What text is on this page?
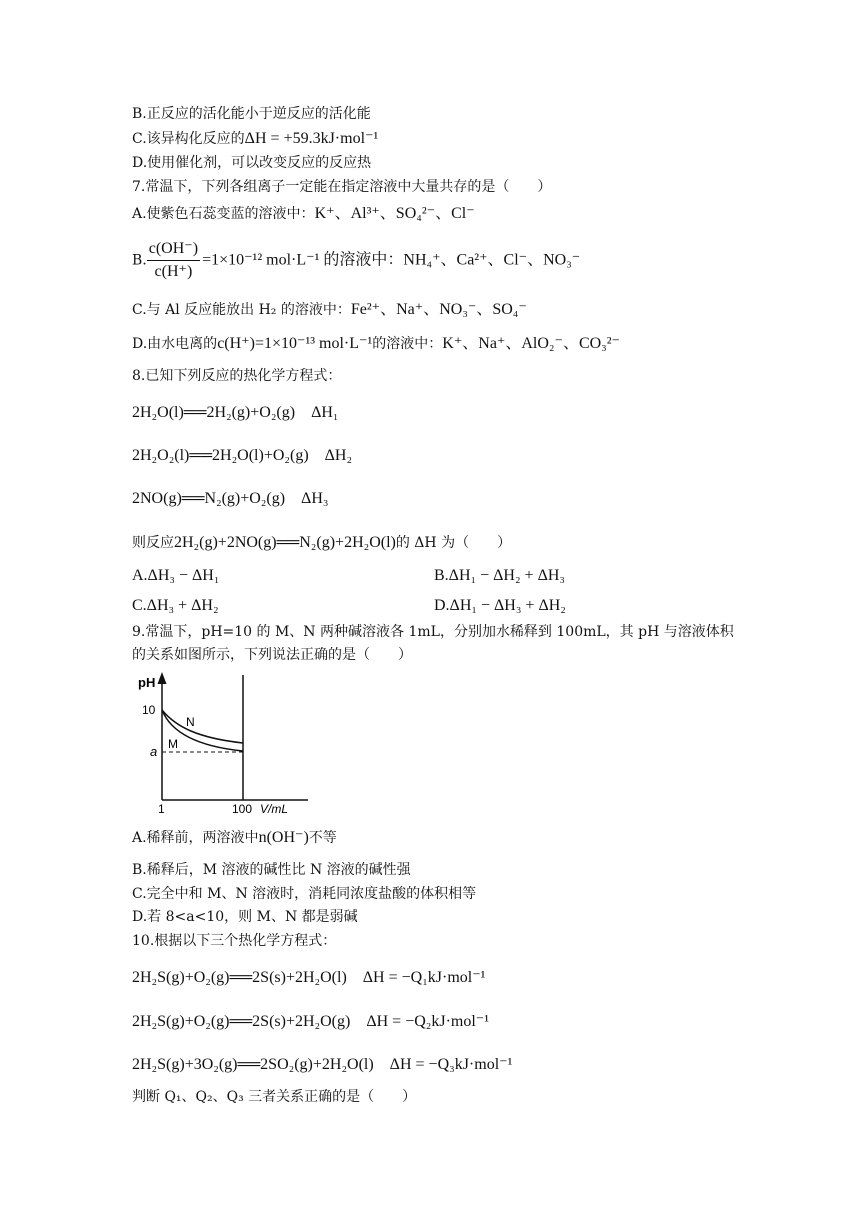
B.正反应的活化能小于逆反应的活化能
C.该异构化反应的ΔH = +59.3kJ·mol⁻¹
D.使用催化剂，可以改变反应的反应热
7.常温下，下列各组离子一定能在指定溶液中大量共存的是（　　）
A.使紫色石蕊变蓝的溶液中：K⁺、Al³⁺、SO₄²⁻、Cl⁻
B. $\frac{c(OH^-)}{c(H^+)} =1\times 10^{-12}$ mol·L⁻¹ 的溶液中：NH₄⁺、Ca²⁺、Cl⁻、NO₃⁻
C.与 Al 反应能放出 H₂ 的溶液中：Fe²⁺、Na⁺、NO₃⁻、SO₄⁻
D.由水电离的c(H⁺)=1×10⁻¹³ mol·L⁻¹的溶液中：K⁺、Na⁺、AlO₂⁻、CO₃²⁻
8.已知下列反应的热化学方程式：
2H₂O(l)══2H₂(g)+O₂(g)　ΔH₁
2H₂O₂(l)══2H₂O(l)+O₂(g)　ΔH₂
2NO(g)══N₂(g)+O₂(g)　ΔH₃
则反应2H₂(g)+2NO(g)══N₂(g)+2H₂O(l)的 ΔH 为（　　）
A.ΔH₃ − ΔH₁	B.ΔH₁ − ΔH₂ + ΔH₃
C.ΔH₃ + ΔH₂	D.ΔH₁ − ΔH₃ + ΔH₂
9.常温下，pH=10 的 M、N 两种碱溶液各 1mL，分别加水稀释到 100mL，其 pH 与溶液体积
的关系如图所示，下列说法正确的是（　　）
pH
10
a
N
M
1	100 V/mL
A.稀释前，两溶液中n(OH⁻)不等
B.稀释后，M 溶液的碱性比 N 溶液的碱性强
C.完全中和 M、N 溶液时，消耗同浓度盐酸的体积相等
D.若 8<a<10，则 M、N 都是弱碱
10.根据以下三个热化学方程式：
2H₂S(g)+O₂(g)══2S(s)+2H₂O(l)　ΔH = −Q₁kJ·mol⁻¹
2H₂S(g)+O₂(g)══2S(s)+2H₂O(g)　ΔH = −Q₂kJ·mol⁻¹
2H₂S(g)+3O₂(g)══2SO₂(g)+2H₂O(l)　ΔH = −Q₃kJ·mol⁻¹
判断 Q₁、Q₂、Q₃ 三者关系正确的是（　　）
